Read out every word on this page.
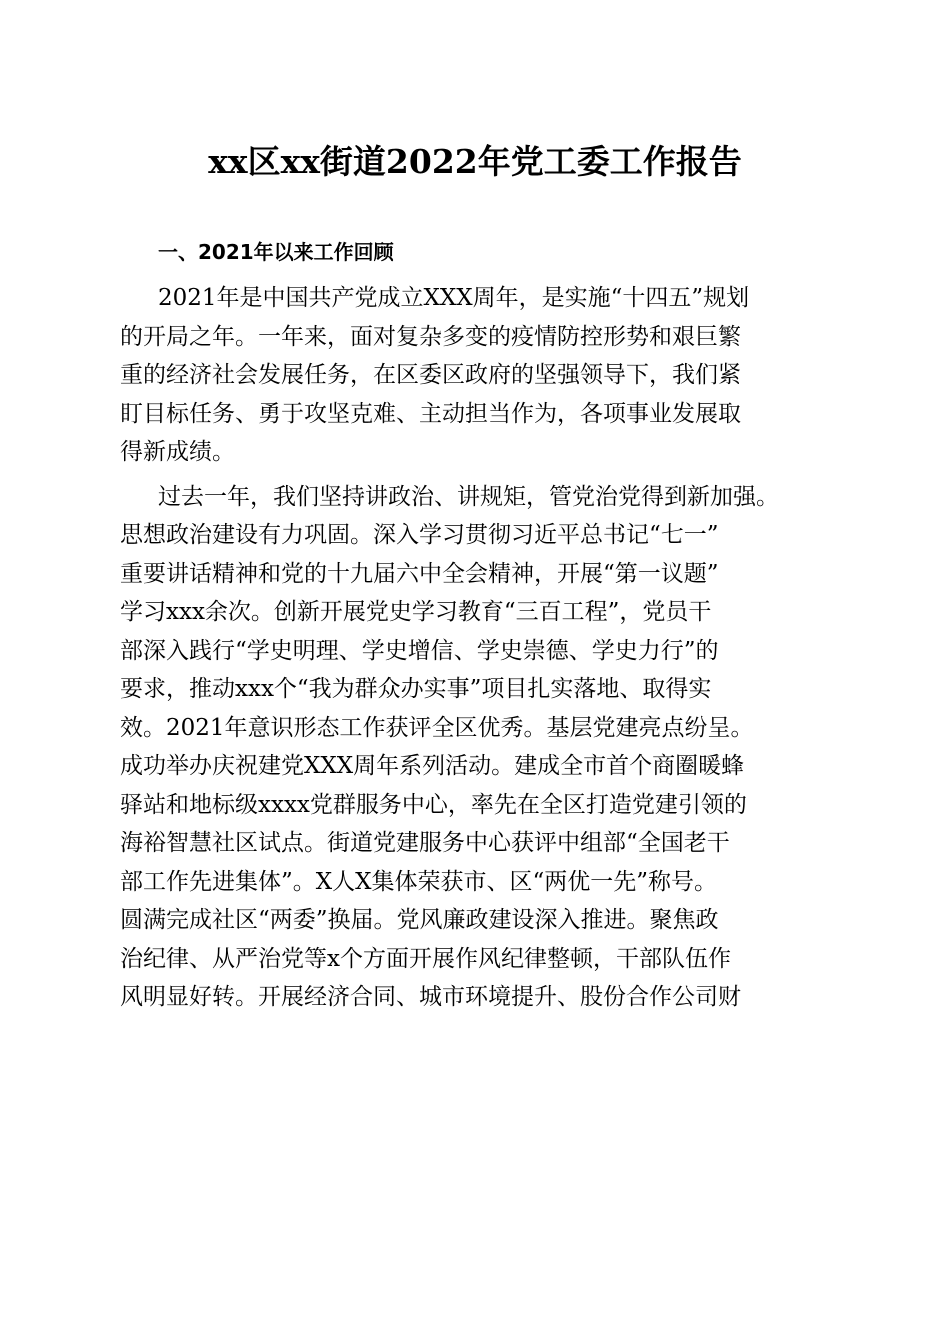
xx区xx街道2022年党工委工作报告
一、2021年以来工作回顾
2021年是中国共产党成立XXX周年，是实施“十四五”规划
的开局之年。一年来，面对复杂多变的疫情防控形势和艰巨繁
重的经济社会发展任务，在区委区政府的坚强领导下，我们紧
盯目标任务、勇于攻坚克难、主动担当作为，各项事业发展取
得新成绩。
过去一年，我们坚持讲政治、讲规矩，管党治党得到新加强。
思想政治建设有力巩固。深入学习贯彻习近平总书记“七一”
重要讲话精神和党的十九届六中全会精神，开展“第一议题”
学习xxx余次。创新开展党史学习教育“三百工程”，党员干
部深入践行“学史明理、学史增信、学史崇德、学史力行”的
要求，推动xxx个“我为群众办实事”项目扎实落地、取得实
效。2021年意识形态工作获评全区优秀。基层党建亮点纷呈。
成功举办庆祝建党XXX周年系列活动。建成全市首个商圈暖蜂
驿站和地标级xxxx党群服务中心，率先在全区打造党建引领的
海裕智慧社区试点。街道党建服务中心获评中组部“全国老干
部工作先进集体”。X人X集体荣获市、区“两优一先”称号。
圆满完成社区“两委”换届。党风廉政建设深入推进。聚焦政
治纪律、从严治党等x个方面开展作风纪律整顿，干部队伍作
风明显好转。开展经济合同、城市环境提升、股份合作公司财
